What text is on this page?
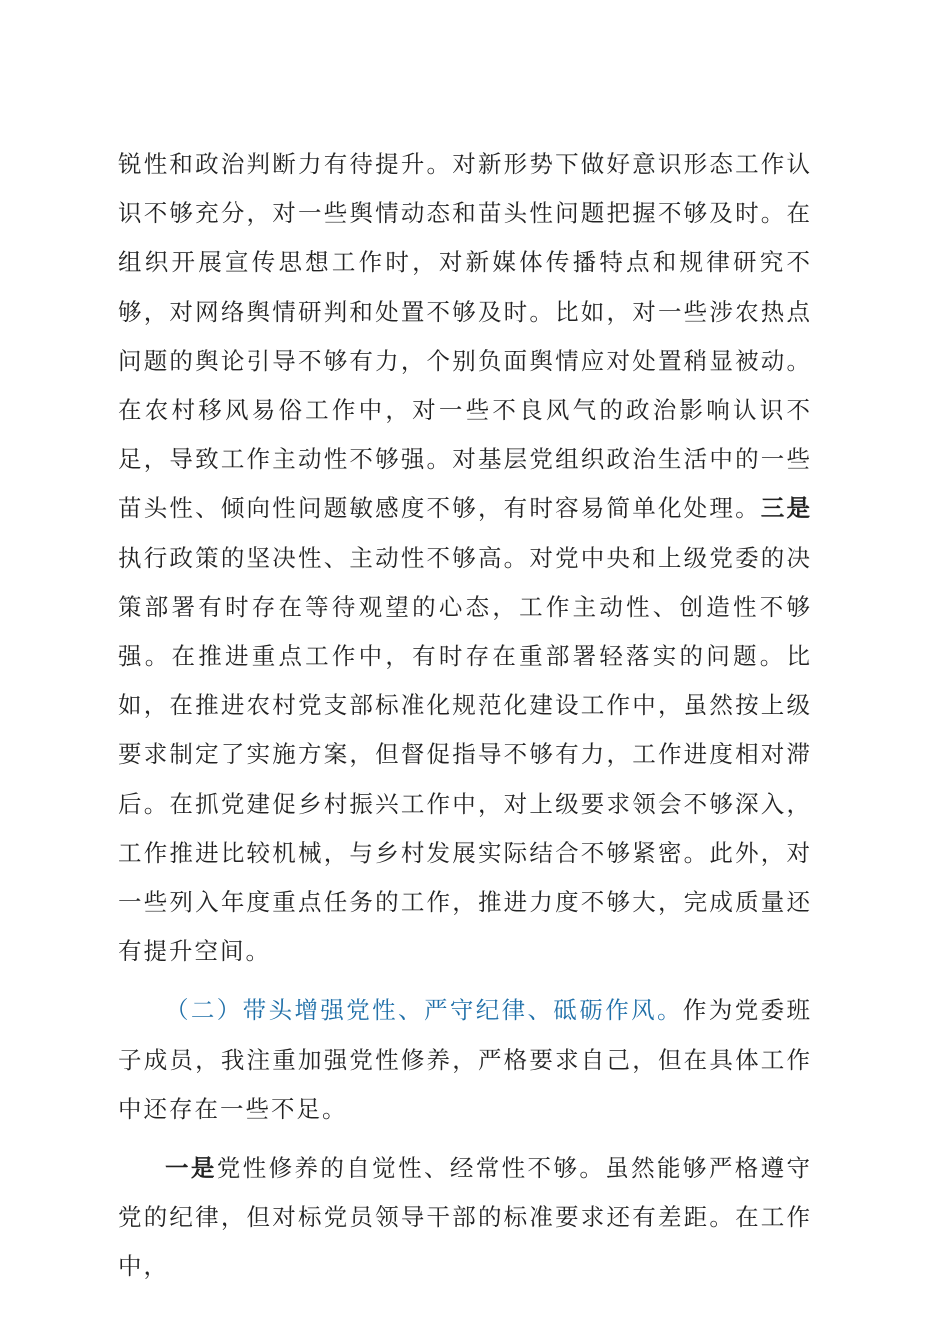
锐性和政治判断力有待提升。对新形势下做好意识形态工作认识不够充分，对一些舆情动态和苗头性问题把握不够及时。在组织开展宣传思想工作时，对新媒体传播特点和规律研究不够，对网络舆情研判和处置不够及时。比如，对一些涉农热点问题的舆论引导不够有力，个别负面舆情应对处置稍显被动。在农村移风易俗工作中，对一些不良风气的政治影响认识不足，导致工作主动性不够强。对基层党组织政治生活中的一些苗头性、倾向性问题敏感度不够，有时容易简单化处理。三是执行政策的坚决性、主动性不够高。对党中央和上级党委的决策部署有时存在等待观望的心态，工作主动性、创造性不够强。在推进重点工作中，有时存在重部署轻落实的问题。比如，在推进农村党支部标准化规范化建设工作中，虽然按上级要求制定了实施方案，但督促指导不够有力，工作进度相对滞后。在抓党建促乡村振兴工作中，对上级要求领会不够深入，工作推进比较机械，与乡村发展实际结合不够紧密。此外，对一些列入年度重点任务的工作，推进力度不够大，完成质量还有提升空间。

（二）带头增强党性、严守纪律、砥砺作风。作为党委班子成员，我注重加强党性修养，严格要求自己，但在具体工作中还存在一些不足。

一是党性修养的自觉性、经常性不够。虽然能够严格遵守党的纪律，但对标党员领导干部的标准要求还有差距。在工作中，
